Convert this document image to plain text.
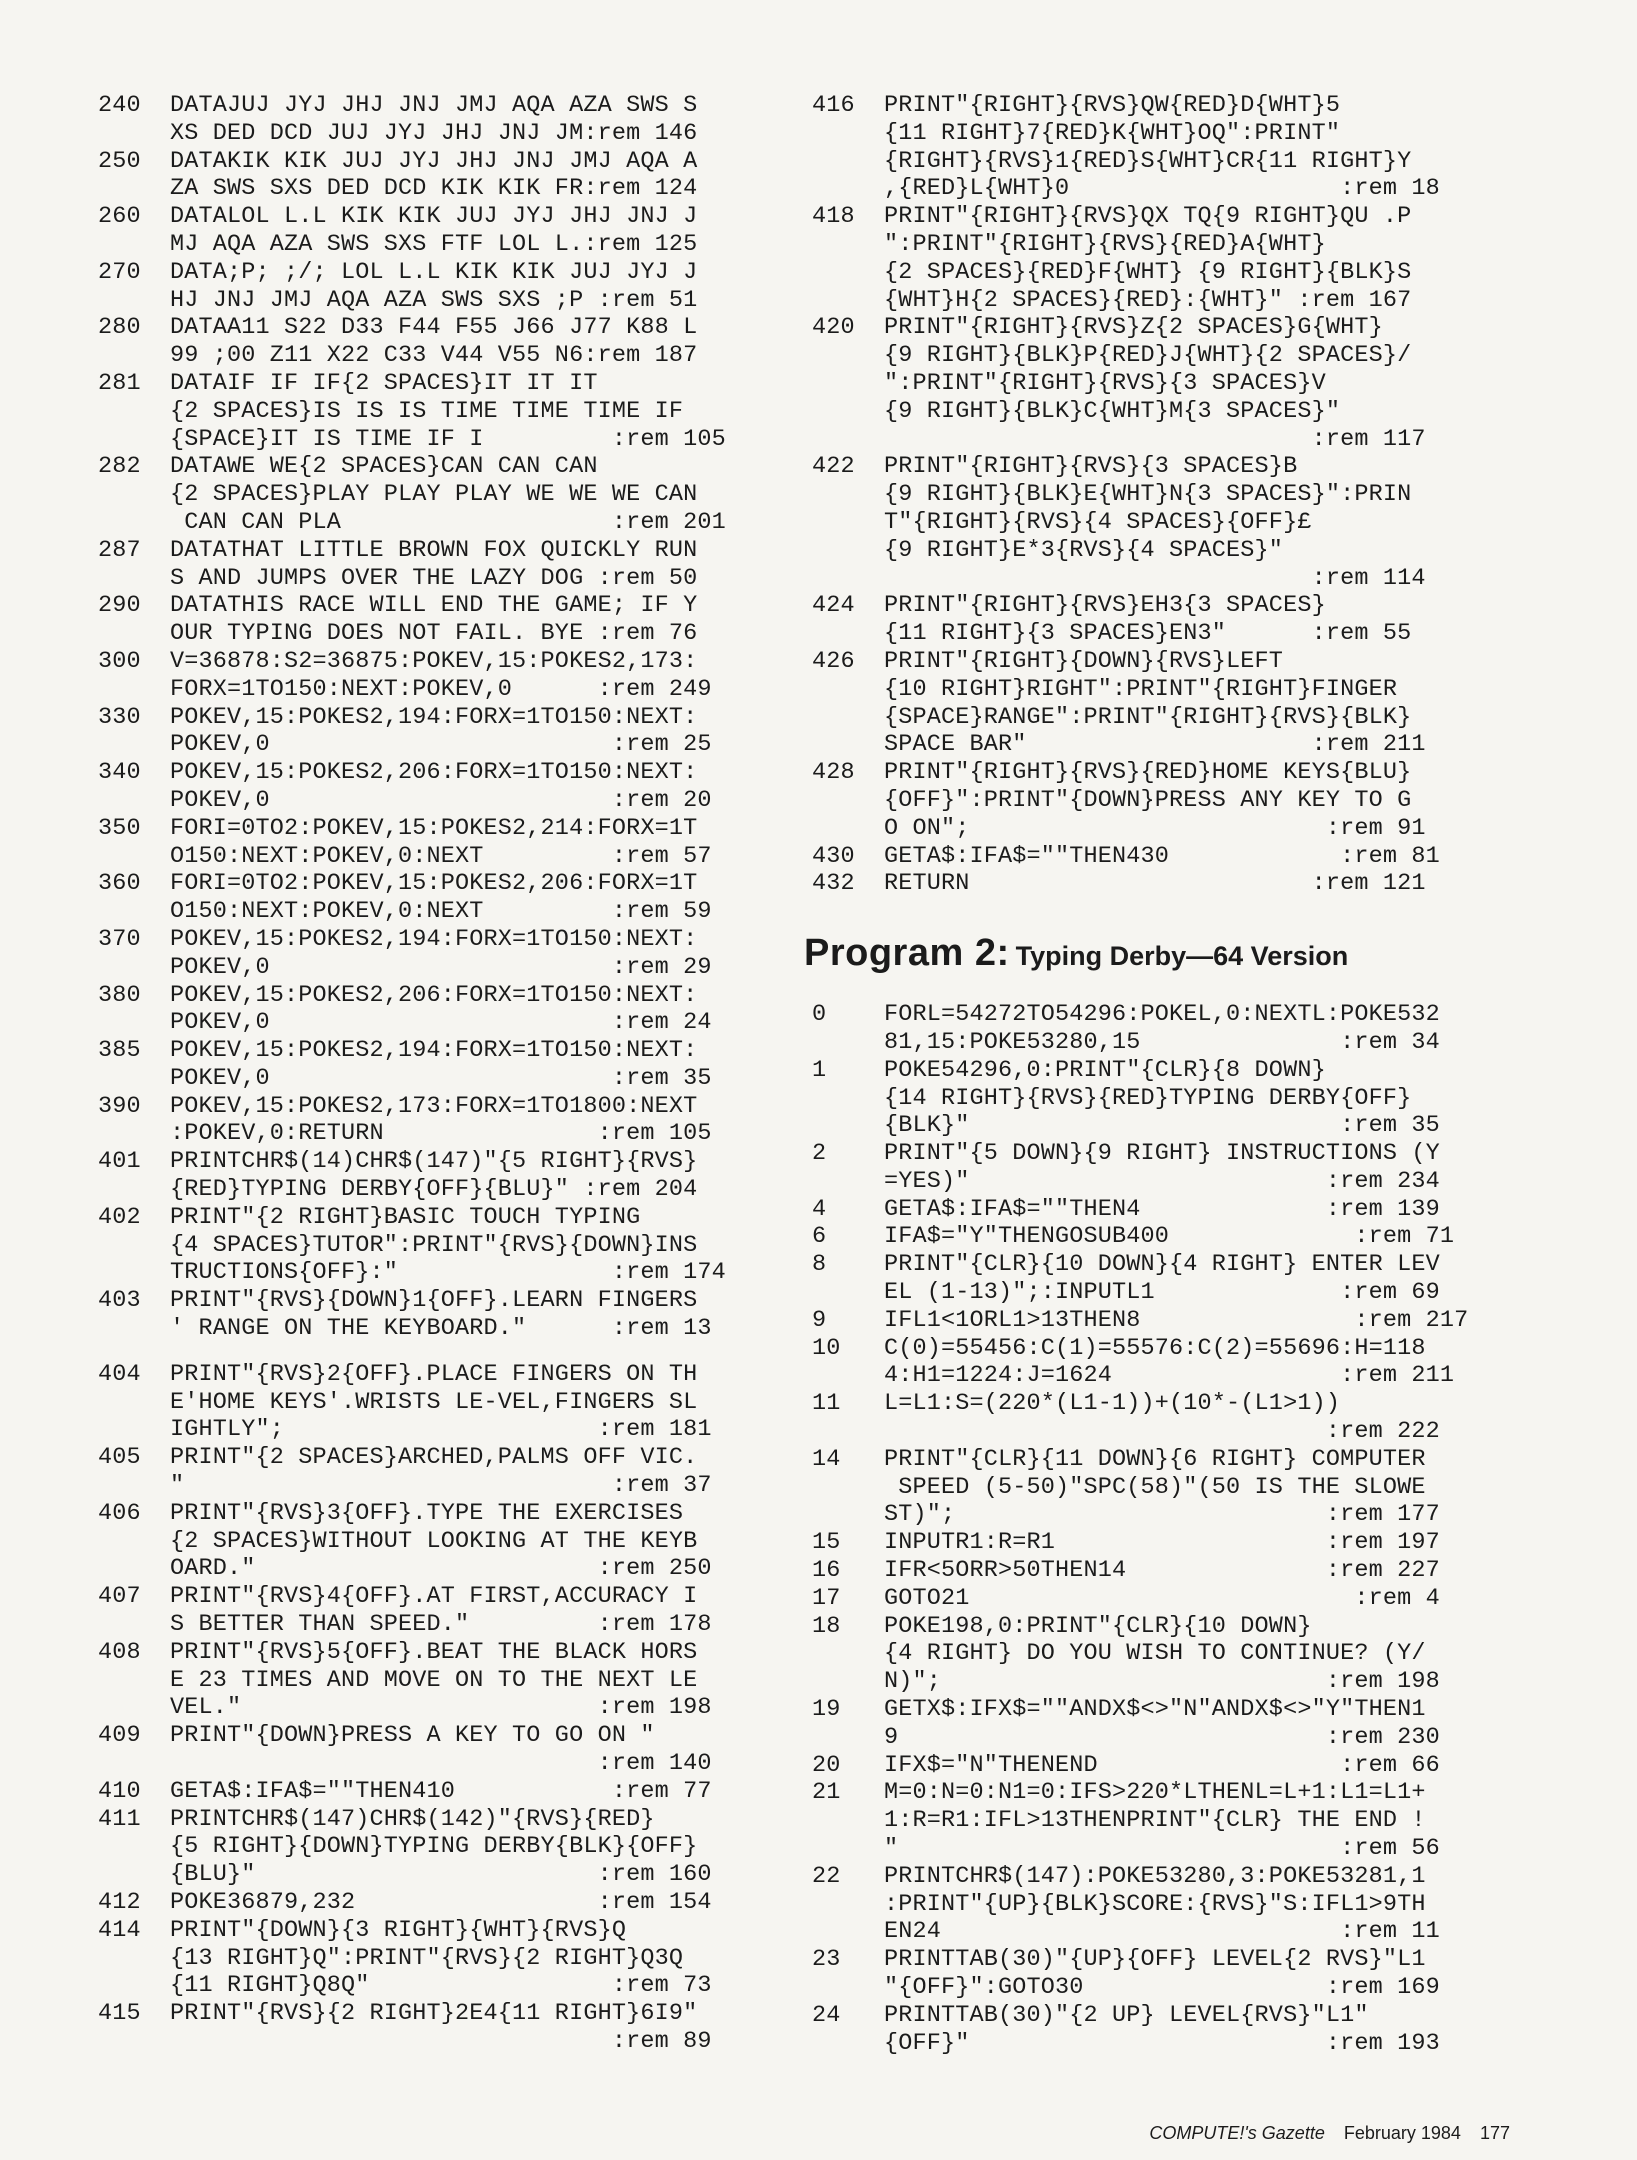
240	DATAJUJ JYJ JHJ JNJ JMJ AQA AZA SWS S
XS DED DCD JUJ JYJ JHJ JNJ JM:rem 146
250	DATAKIK KIK JUJ JYJ JHJ JNJ JMJ AQA A
ZA SWS SXS DED DCD KIK KIK FR:rem 124
260	DATALOL L.L KIK KIK JUJ JYJ JHJ JNJ J
MJ AQA AZA SWS SXS FTF LOL L.:rem 125
270	DATA;P; ;/; LOL L.L KIK KIK JUJ JYJ J
HJ JNJ JMJ AQA AZA SWS SXS ;P :rem 51
280	DATAA11 S22 D33 F44 F55 J66 J77 K88 L
99 ;00 Z11 X22 C33 V44 V55 N6:rem 187
281	DATAIF IF IF{2 SPACES}IT IT IT
{2 SPACES}IS IS IS TIME TIME TIME IF
{SPACE}IT IS TIME IF I         :rem 105
282	DATAWE WE{2 SPACES}CAN CAN CAN
{2 SPACES}PLAY PLAY PLAY WE WE WE CAN
CAN CAN PLA                   :rem 201
287	DATATHAT LITTLE BROWN FOX QUICKLY RUN
S AND JUMPS OVER THE LAZY DOG :rem 50
290	DATATHIS RACE WILL END THE GAME; IF Y
OUR TYPING DOES NOT FAIL. BYE :rem 76
300	V=36878:S2=36875:POKEV,15:POKES2,173:
FORX=1TO150:NEXT:POKEV,0      :rem 249
330	POKEV,15:POKES2,194:FORX=1TO150:NEXT:
POKEV,0                        :rem 25
340	POKEV,15:POKES2,206:FORX=1TO150:NEXT:
POKEV,0                        :rem 20
350	FORI=0TO2:POKEV,15:POKES2,214:FORX=1T
O150:NEXT:POKEV,0:NEXT         :rem 57
360	FORI=0TO2:POKEV,15:POKES2,206:FORX=1T
O150:NEXT:POKEV,0:NEXT         :rem 59
370	POKEV,15:POKES2,194:FORX=1TO150:NEXT:
POKEV,0                        :rem 29
380	POKEV,15:POKES2,206:FORX=1TO150:NEXT:
POKEV,0                        :rem 24
385	POKEV,15:POKES2,194:FORX=1TO150:NEXT:
POKEV,0                        :rem 35
390	POKEV,15:POKES2,173:FORX=1TO1800:NEXT
:POKEV,0:RETURN               :rem 105
401	PRINTCHR$(14)CHR$(147)"{5 RIGHT}{RVS}
{RED}TYPING DERBY{OFF}{BLU}" :rem 204
402	PRINT"{2 RIGHT}BASIC TOUCH TYPING
{4 SPACES}TUTOR":PRINT"{RVS}{DOWN}INS
TRUCTIONS{OFF}:"               :rem 174
403	PRINT"{RVS}{DOWN}1{OFF}.LEARN FINGERS
' RANGE ON THE KEYBOARD."      :rem 13
404	PRINT"{RVS}2{OFF}.PLACE FINGERS ON TH
E'HOME KEYS'.WRISTS LE-VEL,FINGERS SL
IGHTLY";                      :rem 181
405	PRINT"{2 SPACES}ARCHED,PALMS OFF VIC.
"                              :rem 37
406	PRINT"{RVS}3{OFF}.TYPE THE EXERCISES
{2 SPACES}WITHOUT LOOKING AT THE KEYB
OARD."                        :rem 250
407	PRINT"{RVS}4{OFF}.AT FIRST,ACCURACY I
S BETTER THAN SPEED."         :rem 178
408	PRINT"{RVS}5{OFF}.BEAT THE BLACK HORS
E 23 TIMES AND MOVE ON TO THE NEXT LE
VEL."                         :rem 198
409	PRINT"{DOWN}PRESS A KEY TO GO ON "
:rem 140
410	GETA$:IFA$=""THEN410           :rem 77
411	PRINTCHR$(147)CHR$(142)"{RVS}{RED}
{5 RIGHT}{DOWN}TYPING DERBY{BLK}{OFF}
{BLU}"                        :rem 160
412	POKE36879,232                 :rem 154
414	PRINT"{DOWN}{3 RIGHT}{WHT}{RVS}Q
{13 RIGHT}Q":PRINT"{RVS}{2 RIGHT}Q3Q
{11 RIGHT}Q8Q"                 :rem 73
415	PRINT"{RVS}{2 RIGHT}2E4{11 RIGHT}6I9"
:rem 89
416	PRINT"{RIGHT}{RVS}QW{RED}D{WHT}5
{11 RIGHT}7{RED}K{WHT}OQ":PRINT"
{RIGHT}{RVS}1{RED}S{WHT}CR{11 RIGHT}Y
,{RED}L{WHT}0                   :rem 18
418	PRINT"{RIGHT}{RVS}QX TQ{9 RIGHT}QU .P
":PRINT"{RIGHT}{RVS}{RED}A{WHT}
{2 SPACES}{RED}F{WHT} {9 RIGHT}{BLK}S
{WHT}H{2 SPACES}{RED}:{WHT}" :rem 167
420	PRINT"{RIGHT}{RVS}Z{2 SPACES}G{WHT}
{9 RIGHT}{BLK}P{RED}J{WHT}{2 SPACES}/
":PRINT"{RIGHT}{RVS}{3 SPACES}V
{9 RIGHT}{BLK}C{WHT}M{3 SPACES}"
:rem 117
422	PRINT"{RIGHT}{RVS}{3 SPACES}B
{9 RIGHT}{BLK}E{WHT}N{3 SPACES}":PRIN
T"{RIGHT}{RVS}{4 SPACES}{OFF}£
{9 RIGHT}E*3{RVS}{4 SPACES}"
:rem 114
424	PRINT"{RIGHT}{RVS}EH3{3 SPACES}
{11 RIGHT}{3 SPACES}EN3"      :rem 55
426	PRINT"{RIGHT}{DOWN}{RVS}LEFT
{10 RIGHT}RIGHT":PRINT"{RIGHT}FINGER
{SPACE}RANGE":PRINT"{RIGHT}{RVS}{BLK}
SPACE BAR"                    :rem 211
428	PRINT"{RIGHT}{RVS}{RED}HOME KEYS{BLU}
{OFF}":PRINT"{DOWN}PRESS ANY KEY TO G
O ON";                         :rem 91
430	GETA$:IFA$=""THEN430            :rem 81
432	RETURN                        :rem 121
Program 2: Typing Derby—64 Version
0	FORL=54272TO54296:POKEL,0:NEXTL:POKE532
81,15:POKE53280,15              :rem 34
1	POKE54296,0:PRINT"{CLR}{8 DOWN}
{14 RIGHT}{RVS}{RED}TYPING DERBY{OFF}
{BLK}"                          :rem 35
2	PRINT"{5 DOWN}{9 RIGHT} INSTRUCTIONS (Y
=YES)"                         :rem 234
4	GETA$:IFA$=""THEN4             :rem 139
6	IFA$="Y"THENGOSUB400             :rem 71
8	PRINT"{CLR}{10 DOWN}{4 RIGHT} ENTER LEV
EL (1-13)";:INPUTL1             :rem 69
9	IFL1<1ORL1>13THEN8               :rem 217
10	C(0)=55456:C(1)=55576:C(2)=55696:H=118
4:H1=1224:J=1624                :rem 211
11	L=L1:S=(220*(L1-1))+(10*-(L1>1))
:rem 222
14	PRINT"{CLR}{11 DOWN}{6 RIGHT} COMPUTER
SPEED (5-50)"SPC(58)"(50 IS THE SLOWE
ST)";                          :rem 177
15	INPUTR1:R=R1                   :rem 197
16	IFR<5ORR>50THEN14              :rem 227
17	GOTO21                           :rem 4
18	POKE198,0:PRINT"{CLR}{10 DOWN}
{4 RIGHT} DO YOU WISH TO CONTINUE? (Y/
N)";                           :rem 198
19	GETX$:IFX$=""ANDX$<>"N"ANDX$<>"Y"THEN1
9                              :rem 230
20	IFX$="N"THENEND                 :rem 66
21	M=0:N=0:N1=0:IFS>220*LTHENL=L+1:L1=L1+
1:R=R1:IFL>13THENPRINT"{CLR} THE END !
"                               :rem 56
22	PRINTCHR$(147):POKE53280,3:POKE53281,1
:PRINT"{UP}{BLK}SCORE:{RVS}"S:IFL1>9TH
EN24                            :rem 11
23	PRINTTAB(30)"{UP}{OFF} LEVEL{2 RVS}"L1
"{OFF}":GOTO30                 :rem 169
24	PRINTTAB(30)"{2 UP} LEVEL{RVS}"L1"
{OFF}"                         :rem 193
COMPUTE!'s Gazette February 1984 177
